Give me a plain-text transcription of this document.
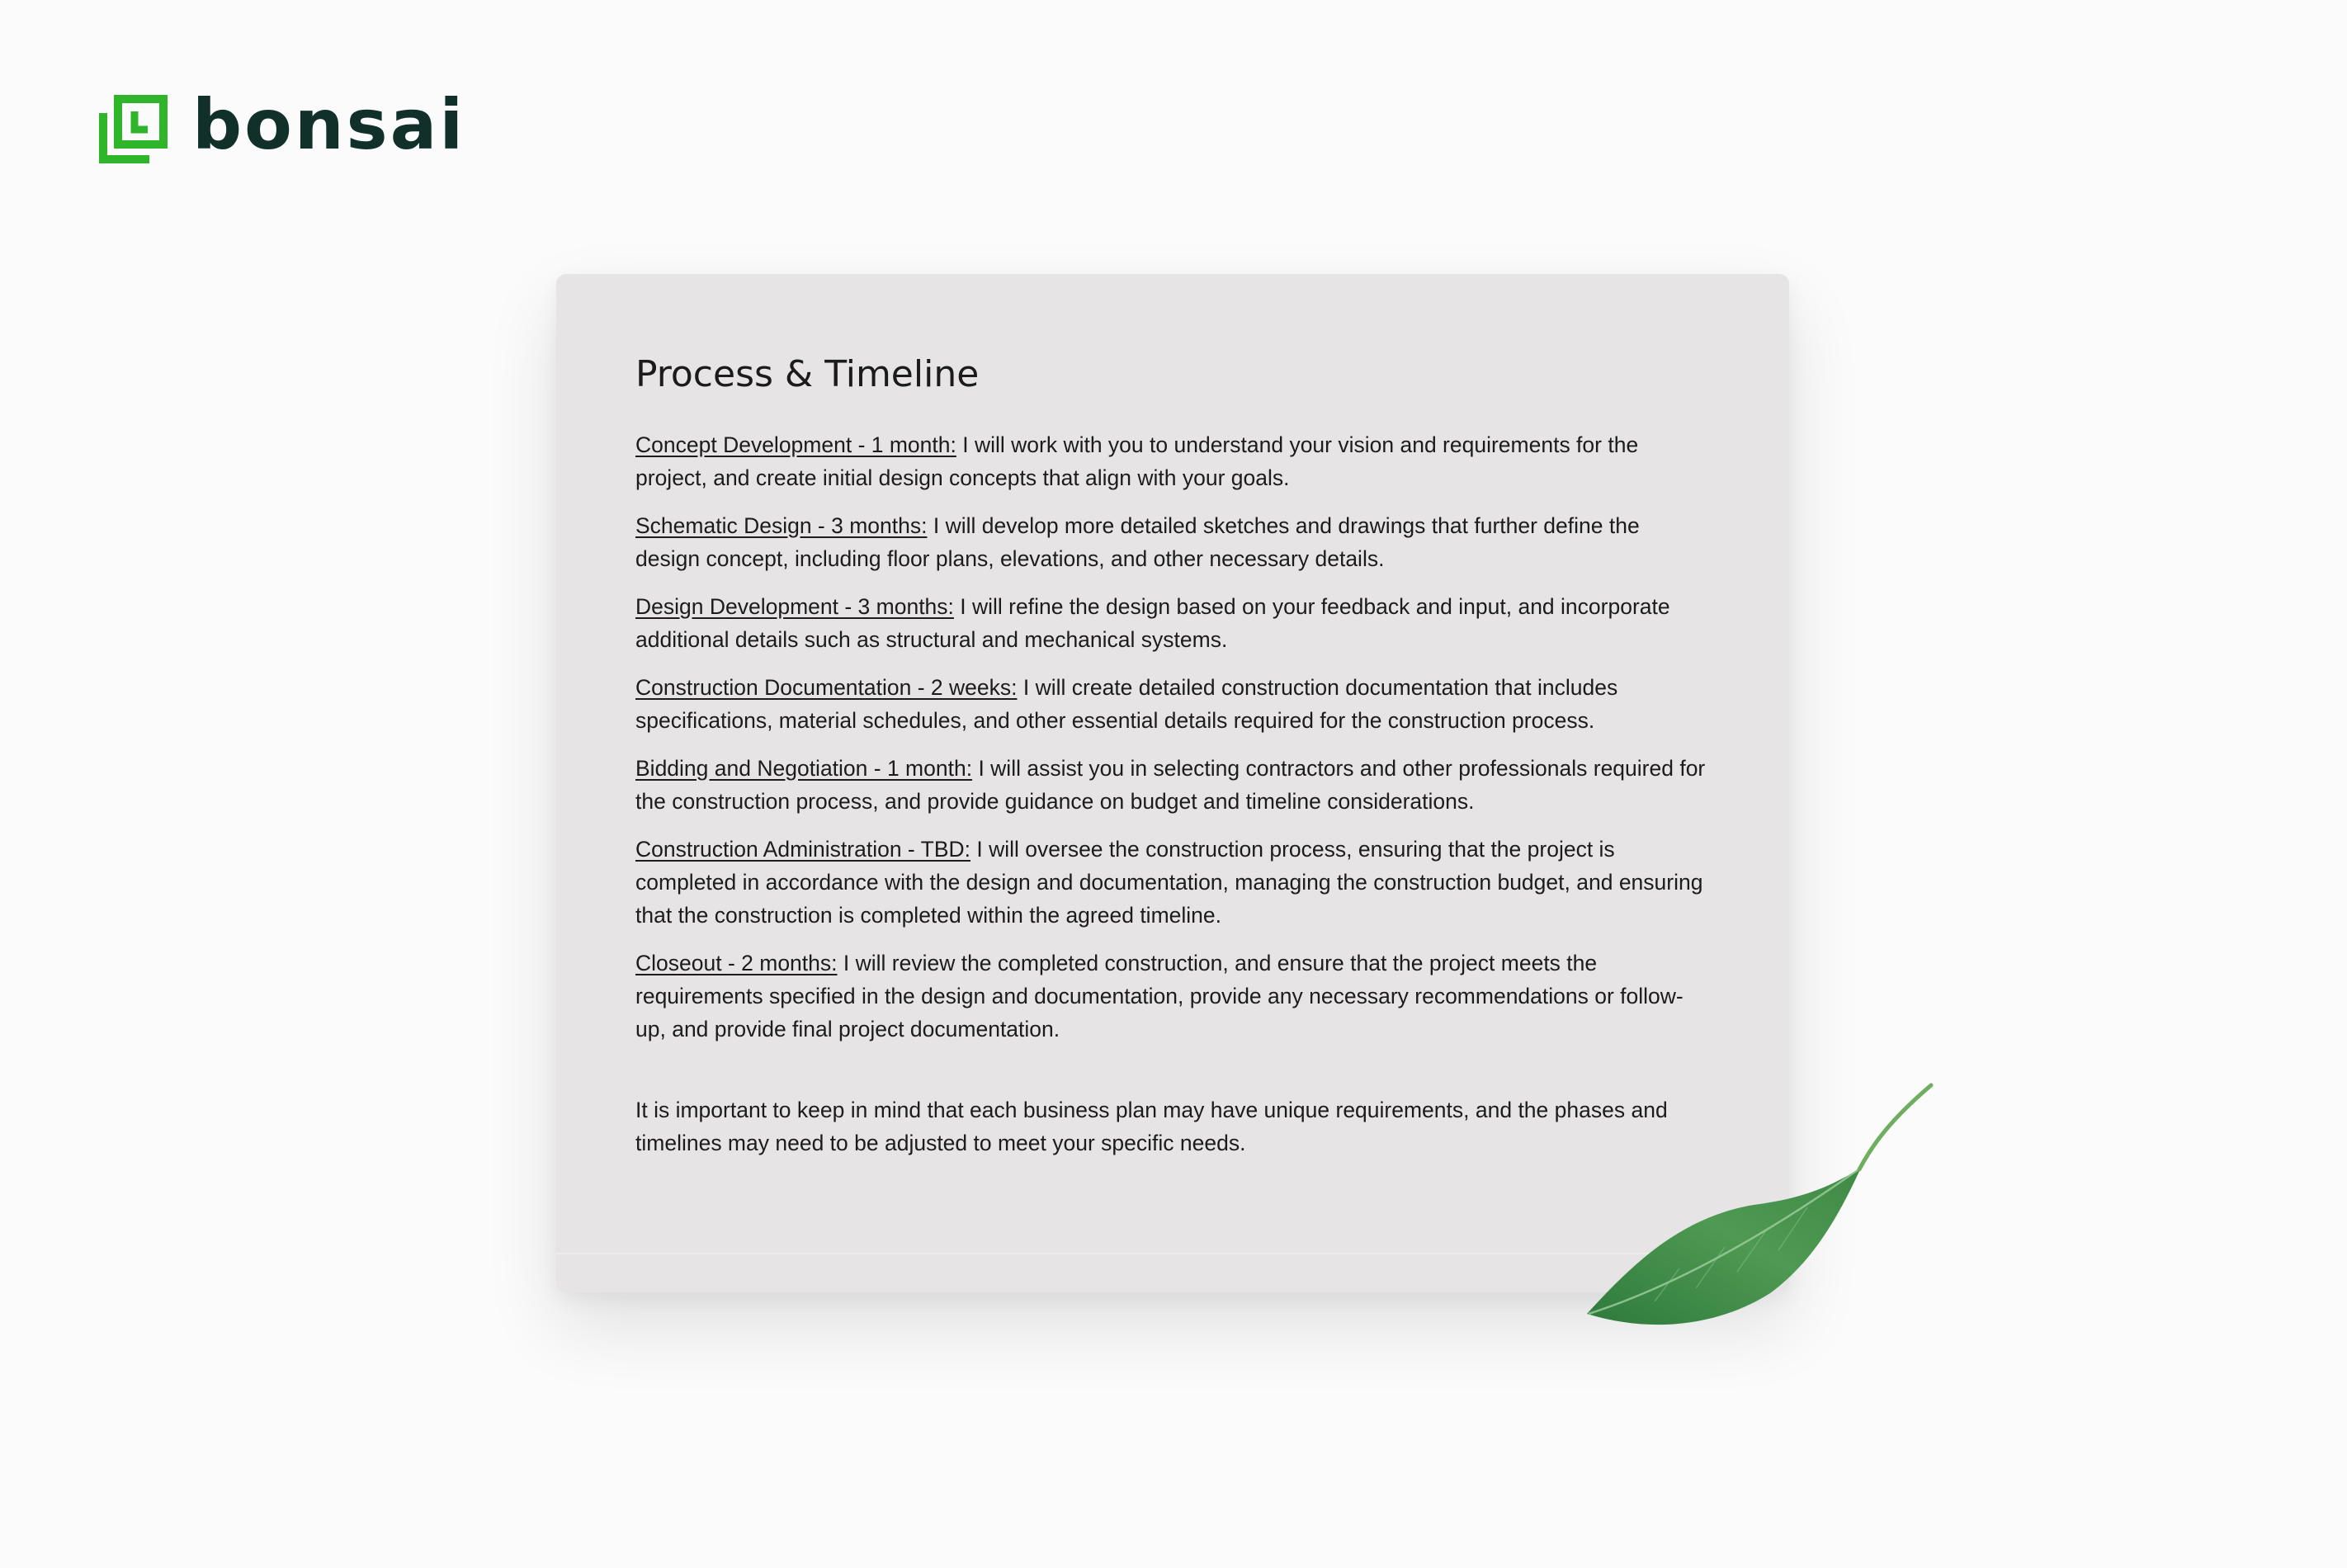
bonsai
Process & Timeline

Concept Development - 1 month: I will work with you to understand your vision and requirements for the project, and create initial design concepts that align with your goals.

Schematic Design - 3 months: I will develop more detailed sketches and drawings that further define the design concept, including floor plans, elevations, and other necessary details.

Design Development - 3 months: I will refine the design based on your feedback and input, and incorporate additional details such as structural and mechanical systems.

Construction Documentation - 2 weeks: I will create detailed construction documentation that includes specifications, material schedules, and other essential details required for the construction process.

Bidding and Negotiation - 1 month: I will assist you in selecting contractors and other professionals required for the construction process, and provide guidance on budget and timeline considerations.

Construction Administration - TBD: I will oversee the construction process, ensuring that the project is completed in accordance with the design and documentation, managing the construction budget, and ensuring that the construction is completed within the agreed timeline.

Closeout - 2 months: I will review the completed construction, and ensure that the project meets the requirements specified in the design and documentation, provide any necessary recommendations or follow-up, and provide final project documentation.

It is important to keep in mind that each business plan may have unique requirements, and the phases and timelines may need to be adjusted to meet your specific needs.
